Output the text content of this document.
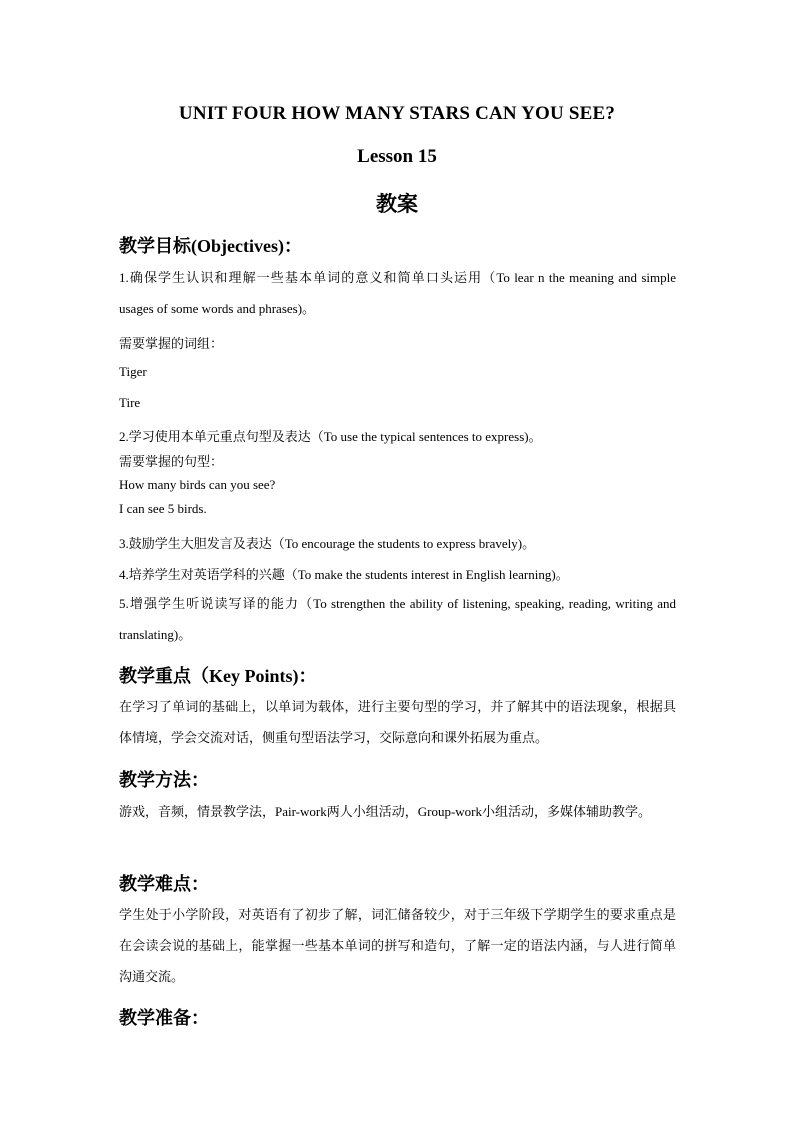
UNIT FOUR HOW MANY STARS CAN YOU SEE?
Lesson 15
教案
教学目标(Objectives)：
1.确保学生认识和理解一些基本单词的意义和简单口头运用（To lear n the meaning and simple usages of some words and phrases)。
需要掌握的词组：
Tiger
Tire
2.学习使用本单元重点句型及表达（To use the typical sentences to express)。
需要掌握的句型：
How many birds can you see?
I can see 5 birds.
3.鼓励学生大胆发言及表达（To encourage the students to express bravely)。
4.培养学生对英语学科的兴趣（To make the students interest in English learning)。
5.增强学生听说读写译的能力（To strengthen the ability of listening, speaking, reading, writing and translating)。
教学重点（Key Points)：
在学习了单词的基础上，以单词为载体，进行主要句型的学习，并了解其中的语法现象，根据具体情境，学会交流对话，侧重句型语法学习，交际意向和课外拓展为重点。
教学方法：
游戏，音频，情景教学法，Pair-work两人小组活动，Group-work小组活动，多媒体辅助教学。
教学难点：
学生处于小学阶段，对英语有了初步了解，词汇储备较少，对于三年级下学期学生的要求重点是在会读会说的基础上，能掌握一些基本单词的拼写和造句，了解一定的语法内涵，与人进行简单沟通交流。
教学准备：
